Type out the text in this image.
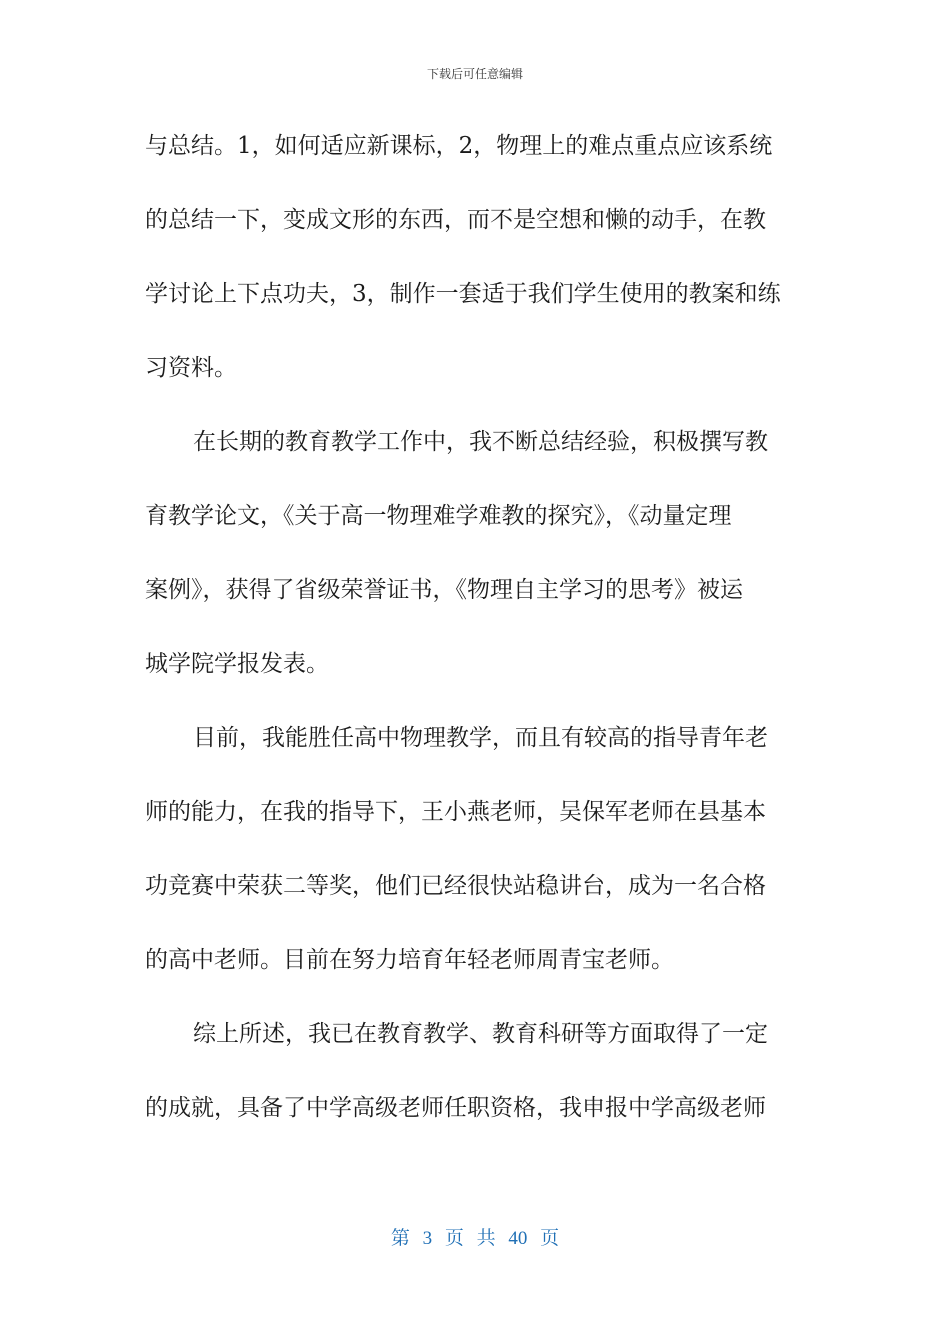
下载后可任意编辑
与总结。1，如何适应新课标，2，物理上的难点重点应该系统
的总结一下，变成文形的东西，而不是空想和懒的动手，在教
学讨论上下点功夫，3，制作一套适于我们学生使用的教案和练
习资料。
在长期的教育教学工作中，我不断总结经验，积极撰写教
育教学论文，《关于高一物理难学难教的探究》，《动量定理
案例》，获得了省级荣誉证书，《物理自主学习的思考》被运
城学院学报发表。
目前，我能胜任高中物理教学，而且有较高的指导青年老
师的能力，在我的指导下，王小燕老师，吴保军老师在县基本
功竞赛中荣获二等奖，他们已经很快站稳讲台，成为一名合格
的高中老师。目前在努力培育年轻老师周青宝老师。
综上所述，我已在教育教学、教育科研等方面取得了一定
的成就，具备了中学高级老师任职资格，我申报中学高级老师
第 3 页 共 40 页
